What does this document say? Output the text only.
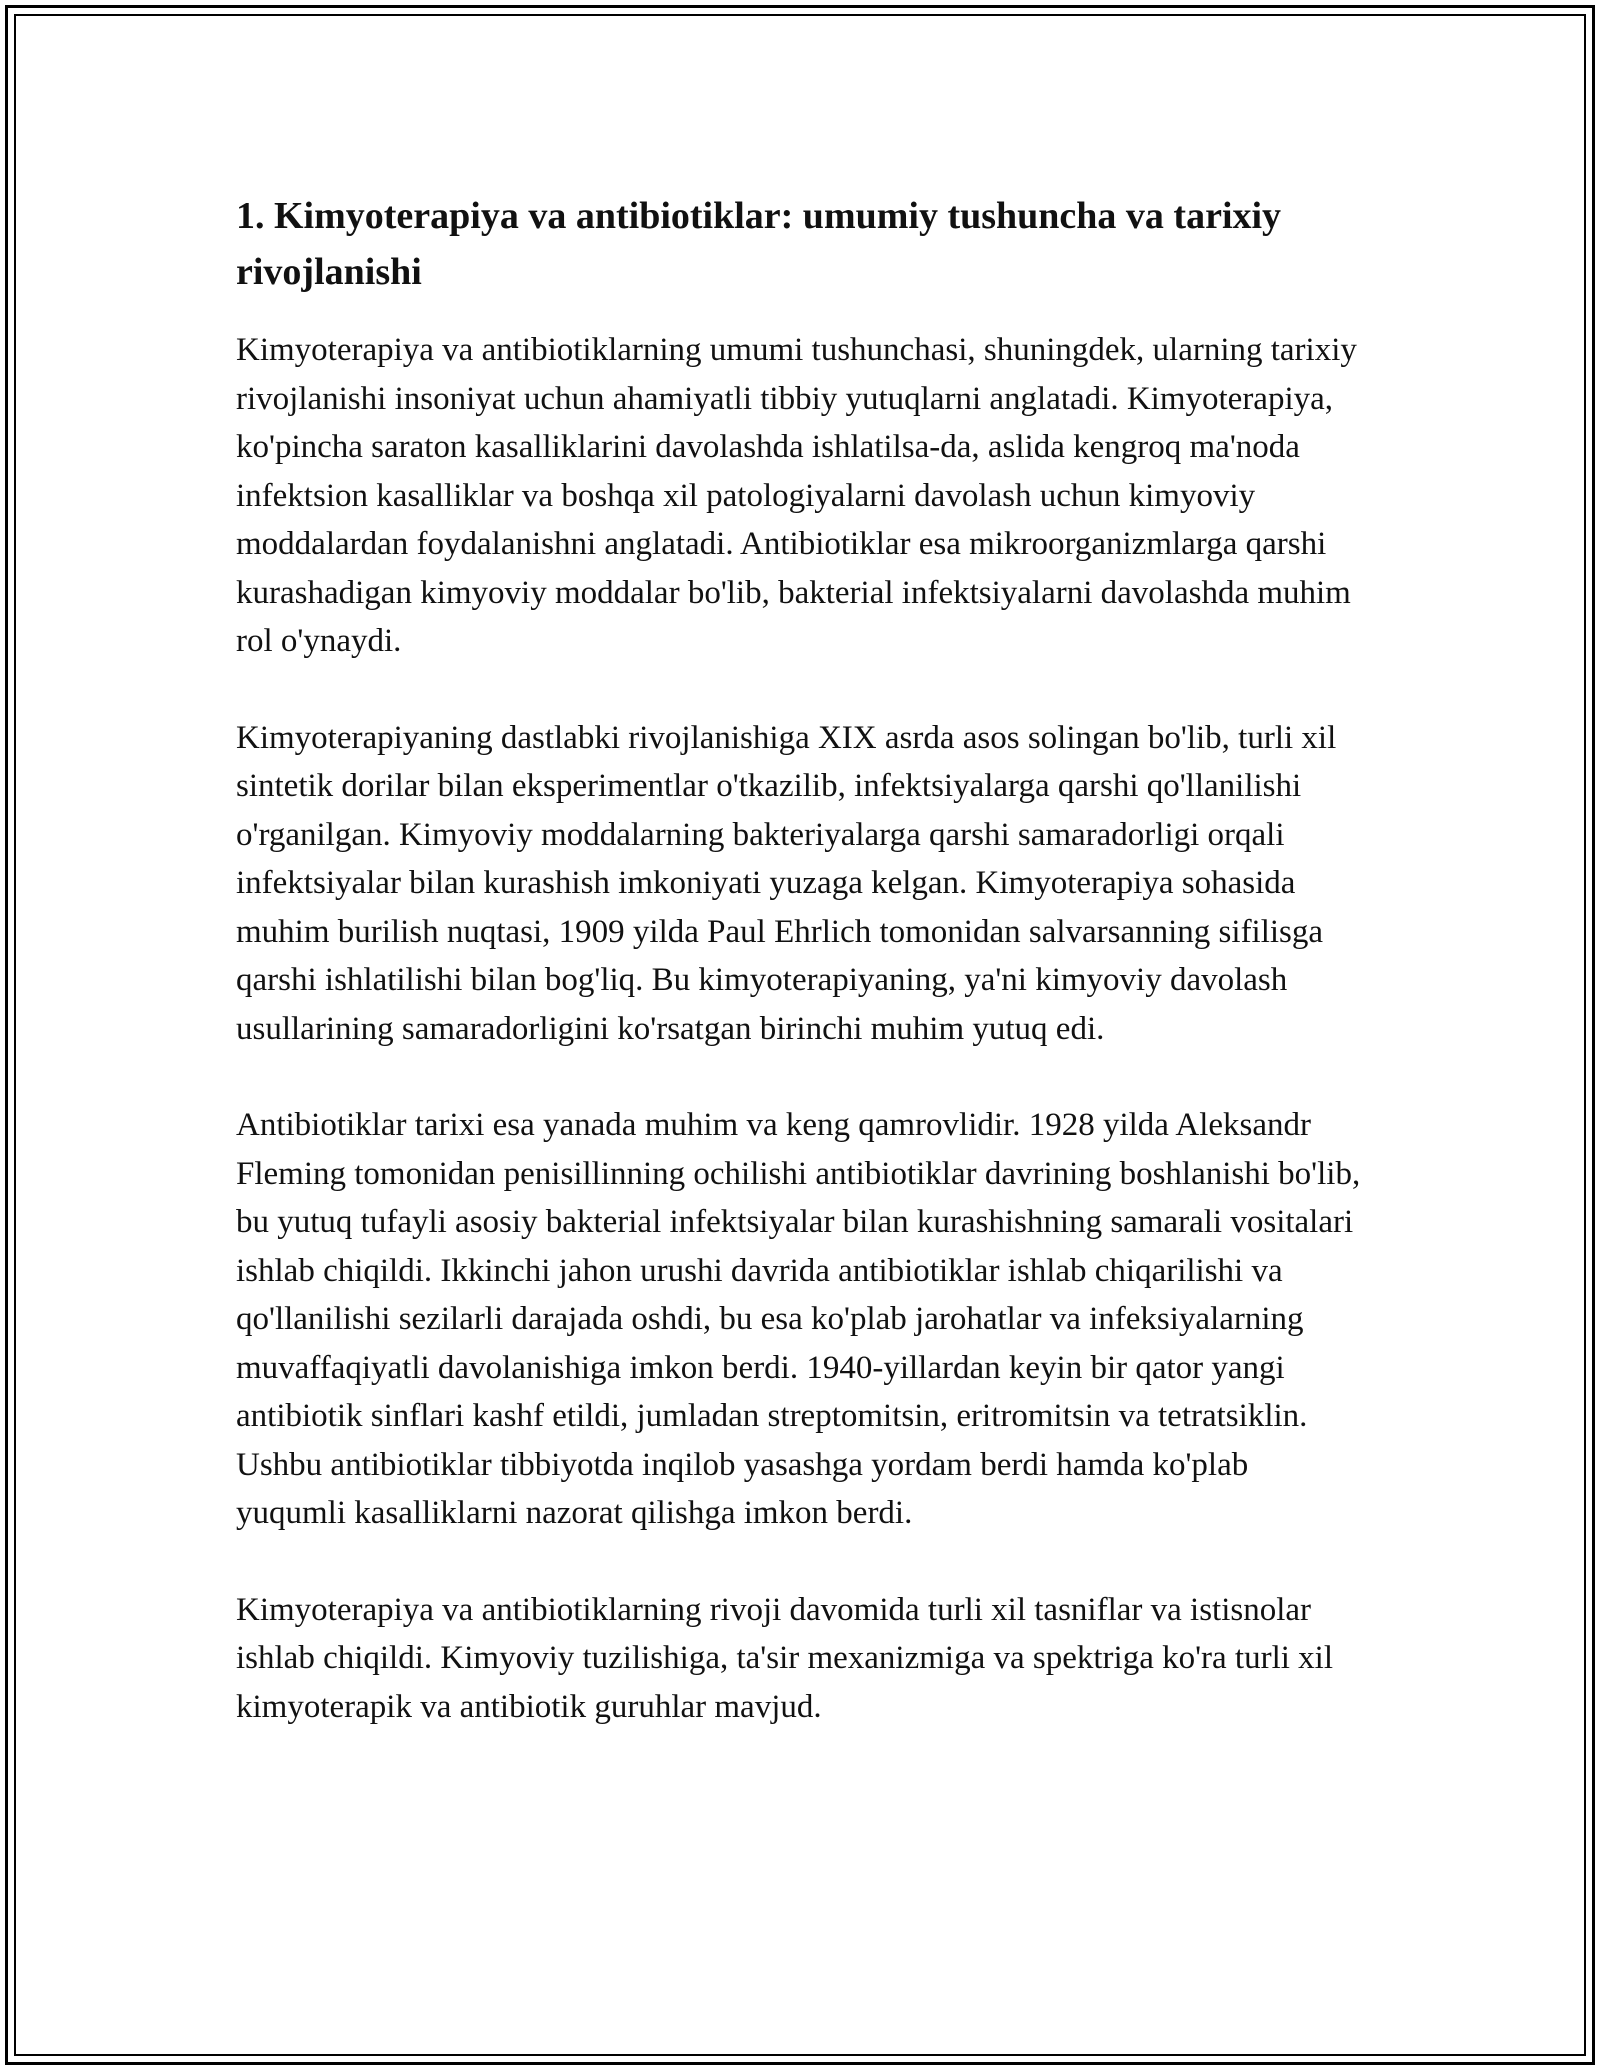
1. Kimyoterapiya va antibiotiklar: umumiy tushuncha va tarixiy rivojlanishi

Kimyoterapiya va antibiotiklarning umumi tushunchasi, shuningdek, ularning tarixiy rivojlanishi insoniyat uchun ahamiyatli tibbiy yutuqlarni anglatadi. Kimyoterapiya, ko'pincha saraton kasalliklarini davolashda ishlatilsa-da, aslida kengroq ma'noda infektsion kasalliklar va boshqa xil patologiyalarni davolash uchun kimyoviy moddalardan foydalanishni anglatadi. Antibiotiklar esa mikroorganizmlarga qarshi kurashadigan kimyoviy moddalar bo'lib, bakterial infektsiyalarni davolashda muhim rol o'ynaydi.

Kimyoterapiyaning dastlabki rivojlanishiga XIX asrda asos solingan bo'lib, turli xil sintetik dorilar bilan eksperimentlar o'tkazilib, infektsiyalarga qarshi qo'llanilishi o'rganilgan. Kimyoviy moddalarning bakteriyalarga qarshi samaradorligi orqali infektsiyalar bilan kurashish imkoniyati yuzaga kelgan. Kimyoterapiya sohasida muhim burilish nuqtasi, 1909 yilda Paul Ehrlich tomonidan salvarsanning sifilisga qarshi ishlatilishi bilan bog'liq. Bu kimyoterapiyaning, ya'ni kimyoviy davolash usullarining samaradorligini ko'rsatgan birinchi muhim yutuq edi.

Antibiotiklar tarixi esa yanada muhim va keng qamrovlidir. 1928 yilda Aleksandr Fleming tomonidan penisillinning ochilishi antibiotiklar davrining boshlanishi bo'lib, bu yutuq tufayli asosiy bakterial infektsiyalar bilan kurashishning samarali vositalari ishlab chiqildi. Ikkinchi jahon urushi davrida antibiotiklar ishlab chiqarilishi va qo'llanilishi sezilarli darajada oshdi, bu esa ko'plab jarohatlar va infeksiyalarning muvaffaqiyatli davolanishiga imkon berdi. 1940-yillardan keyin bir qator yangi antibiotik sinflari kashf etildi, jumladan streptomitsin, eritromitsin va tetratsiklin. Ushbu antibiotiklar tibbiyotda inqilob yasashga yordam berdi hamda ko'plab yuqumli kasalliklarni nazorat qilishga imkon berdi.

Kimyoterapiya va antibiotiklarning rivoji davomida turli xil tasniflar va istisnolar ishlab chiqildi. Kimyoviy tuzilishiga, ta'sir mexanizmiga va spektriga ko'ra turli xil kimyoterapik va antibiotik guruhlar mavjud.
